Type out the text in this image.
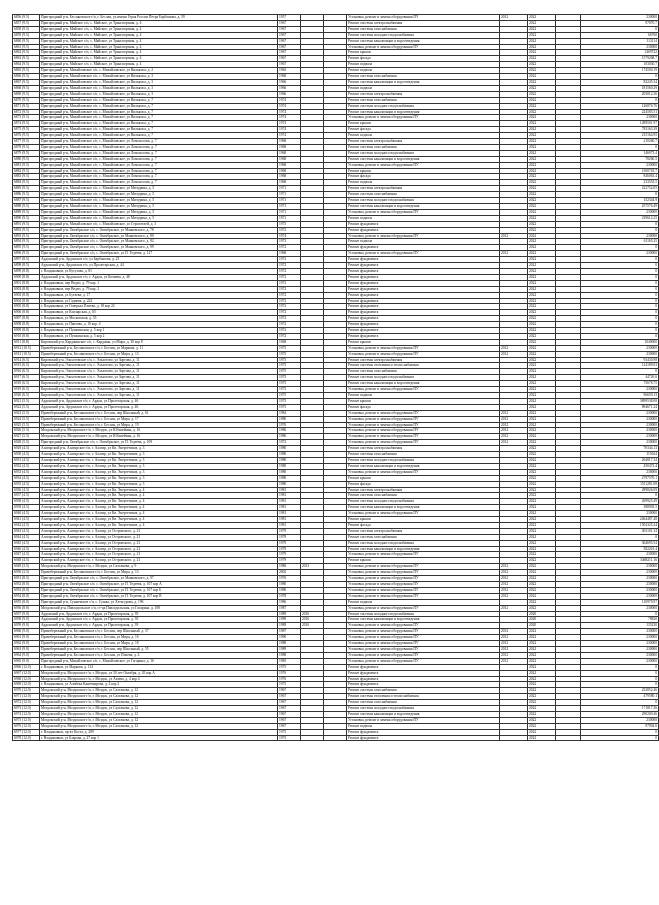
6856 (9.5)	Пригородный р-н, Беслановское г/п, г. Беслан, ул.имени Героя России Петра Барбашова, д. 59	1957			Установка, ремонт и замена оборудования ПУ	2012	2022		230000
6857 (9.5)	Пригородный р-н, Майское с/п, с. Майское, ул Транспортная, д. 4	1967			Ремонт системы электроснабжения		2022		97870.7
6858 (9.5)	Пригородный р-н, Майское с/п, с. Майское, ул Транспортная, д. 4	1967			Ремонт системы газоснабжения		2022		0
6859 (9.5)	Пригородный р-н, Майское с/п, с. Майское, ул Транспортная, д. 4	1967			Ремонт системы холодного водоснабжения		2022		66760
6860 (9.5)	Пригородный р-н, Майское с/п, с. Майское, ул Транспортная, д. 4	1967			Ремонт системы канализации и водоотведения		2022		113114
6861 (9.5)	Пригородный р-н, Майское с/п, с. Майское, ул Транспортная, д. 4	1967			Установка, ремонт и замена оборудования ПУ		2022		230000
6862 (9.5)	Пригородный р-н, Майское с/п, с. Майское, ул Транспортная, д. 4	1967			Ремонт крыши		2022		1469722
6863 (9.5)	Пригородный р-н, Майское с/п, с. Майское, ул Транспортная, д. 4	1967			Ремонт фасада		2022		1579268.7
6864 (9.5)	Пригородный р-н, Майское с/п, с. Майское, ул Транспортная, д. 4	1967			Ремонт подвала		2022		103030.7
6865 (9.5)	Пригородный р-н, Михайловское с/п, с. Михайловское, ул Вильямса, д. 2	1965			Ремонт подвала		2022		174500.19
6866 (9.5)	Пригородный р-н, Михайловское с/п, с. Михайловское, ул Вильямса, д. 3	1968			Ремонт системы газоснабжения		2022		0
6867 (9.5)	Пригородный р-н, Михайловское с/п, с. Михайловское, ул Вильямса, д. 3	1966			Ремонт системы канализации и водоотведения		2022		83245.34
6868 (9.5)	Пригородный р-н, Михайловское с/п, с. Михайловское, ул Вильямса, д. 3	1966			Ремонт подвала		2022		181560.29
6869 (9.5)	Пригородный р-н, Михайловское с/п, с. Михайловское, ул Вильямса, д. 3	1966			Ремонт системы электроснабжения		2022		203012.36
6870 (9.5)	Пригородный р-н, Михайловское с/п, с. Михайловское, ул Вильямса, д. 7	1974			Ремонт системы газоснабжения		2022		0
6871 (9.5)	Пригородный р-н, Михайловское с/п, с. Михайловское, ул Вильямса, д. 7	1974			Ремонт системы холодного водоснабжения		2022		126876.76
6872 (9.5)	Пригородный р-н, Михайловское с/п, с. Михайловское, ул Вильямса, д. 7	1974			Ремонт системы канализации и водоотведения		2022		224585.51
6873 (9.5)	Пригородный р-н, Михайловское с/п, с. Михайловское, ул Вильямса, д. 7	1974			Установка, ремонт и замена оборудования ПУ		2022		230000
6874 (9.5)	Пригородный р-н, Михайловское с/п, с. Михайловское, ул Вильямса, д. 7	1974			Ремонт крыши		2022		1289501.97
6875 (9.5)	Пригородный р-н, Михайловское с/п, с. Михайловское, ул Вильямса, д. 7	1974			Ремонт фасада		2022		781163.39
6876 (9.5)	Пригородный р-н, Михайловское с/п, с. Михайловское, ул Вильямса, д. 7	1974			Ремонт подвала		2022		215164.95
6877 (9.5)	Пригородный р-н, Михайловское с/п, с. Михайловское, ул Ломоносова, д. 7	1968			Ремонт системы электроснабжения		2022		210260.7
6878 (9.5)	Пригородный р-н, Михайловское с/п, с. Михайловское, ул Ломоносова, д. 7	1968			Ремонт системы газоснабжения		2022		0
6879 (9.5)	Пригородный р-н, Михайловское с/п, с. Михайловское, ул Ломоносова, д. 7	1968			Ремонт системы холодного водоснабжения		2022		146973.4
6880 (9.5)	Пригородный р-н, Михайловское с/п, с. Михайловское, ул Ломоносова, д. 7	1968			Ремонт системы канализации и водоотведения		2022		78260.5
6881 (9.5)	Пригородный р-н, Михайловское с/п, с. Михайловское, ул Ломоносова, д. 7	1968			Установка, ремонт и замена оборудования ПУ		2022		230000
6882 (9.5)	Пригородный р-н, Михайловское с/п, с. Михайловское, ул Ломоносова, д. 7	1968			Ремонт крыши		2022		1500718.7
6883 (9.5)	Пригородный р-н, Михайловское с/п, с. Михайловское, ул Ломоносова, д. 7	1968			Ремонт фасада		2022		846063.4
6884 (9.5)	Пригородный р-н, Михайловское с/п, с. Михайловское, ул Ломоносова, д. 7	1968			Ремонт подвала		2022		233553.5
6885 (9.5)	Пригородный р-н, Михайловское с/п, с. Михайловское, ул Мичурина, д. 5	1971			Ремонт системы электроснабжения		2022		222752.05
6886 (9.5)	Пригородный р-н, Михайловское с/п, с. Михайловское, ул Мичурина, д. 5	1971			Ремонт системы газоснабжения		2022		0
6887 (9.5)	Пригородный р-н, Михайловское с/п, с. Михайловское, ул Мичурина, д. 5	1971			Ремонт системы холодного водоснабжения		2022		152344.9
6888 (9.5)	Пригородный р-н, Михайловское с/п, с. Михайловское, ул Мичурина, д. 5	1971			Ремонт системы канализации и водоотведения		2022		257576.49
6889 (9.5)	Пригородный р-н, Михайловское с/п, с. Михайловское, ул Мичурина, д. 5	1971			Установка, ремонт и замена оборудования ПУ		2022		230000
6890 (9.5)	Пригородный р-н, Михайловское с/п, с. Михайловское, ул Мичурина, д. 5	1971			Ремонт подвала		2022		239612.25
6891 (9.5)	Пригородный р-н, Михайловское с/п, с. Михайловское, ул Строителей, д. 3	1975			Ремонт фундамента		2022		0
6892 (9.5)	Пригородный р-н, Октябрьское с/п, с. Октябрьское, ул Маяковского, д. 78	1972			Ремонт фундамента		2022		0
6893 (9.5)	Пригородный р-н, Октябрьское с/п, с. Октябрьское, ул Маяковского, д. 80	1974			Установка, ремонт и замена оборудования ПУ	2012	2022		230000
6894 (9.5)	Пригородный р-н, Октябрьское с/п, с. Октябрьское, ул Маяковского, д. 82	1973			Ремонт подвала		2022		61165.25
6895 (9.5)	Пригородный р-н, Октябрьское с/п, с. Октябрьское, ул Маяковского, д. 99	1972			Ремонт фундамента		2022		0
6896 (9.5)	Пригородный р-н, Октябрьское с/п, с. Октябрьское, ул П. Тедеева, д. 127	1968			Установка, ремонт и замена оборудования ПУ	2012	2022		230000
6897 (8.5)	Ардонский р-н, Ардонское г/п, ул Барбашова, д. 23	1972			Ремонт фундамента		2022		0
6898 (8.5)	Ардонский р-н, Ардонское г/п, ул Пролетарская, д. 44	1972			Ремонт фундамента		2022		0
6899 (8.8)	г. Владикавказ, ул Кутузова, д. 81	1972			Ремонт фундамента		2022		0
6900 (8.8)	Ардонский р-н, Ардонское г/п, г. Ардон, ул Кочиева, д. 48	1972			Ремонт фундамента		2022		0
6901 (8.8)	г. Владикавказ, пер Ведеп, д. 79 кор. 1	1972			Ремонт фундамента		2022		0
6902 (8.8)	г. Владикавказ, пер Ведеп, д. 79 кор. 2	1972			Ремонт фундамента		2022		0
6903 (8.8)	г. Владикавказ, ул Бутаева, д. 17	1972			Ремонт фундамента		2022		0
6904 (8.8)	г. Владикавказ, ул Гадиева, д. 222	1972			Ремонт фундамента		2022		0
6905 (8.8)	г. Владикавказ, ул Генерала Плиева, д. 18 кор 24	1972			Ремонт фундамента		2022		0
6906 (8.8)	г. Владикавказ, ул Кизлярская, д. 65	1972			Ремонт фундамента		2022		0
6907 (8.8)	г. Владикавказ, ул Московская, д. 35	1972			Ремонт фундамента		2022		0
6908 (8.8)	г. Владикавказ, ул Павлова, д. 16 кор. 4	1972			Ремонт фундамента		2022		0
6909 (8.8)	г. Владикавказ, ул Пушкинская, д. 5 кор 1	1972			Ремонт фундамента		2022		0
6910 (8.8)	г. Владикавказ, ул Пушкинская, д. 5 кор 2	1972			Ремонт фундамента		2022		0
6911 (8.8)	Кировский р-н, Карджинское с/п, с. Карджин, ул Мира, д. 30 кор 8	1968			Ремонт крыши		2022		1040000
6912 (10.5)	Правобережный р-н, Беслановское г/п, г. Беслан, ул Маркова, д. 11	1975			Установка, ремонт и замена оборудования ПУ	2012	2022		230000
6913 (10.5)	Правобережный р-н, Беслановское г/п, г. Беслан, ул Мира, д. 13	1975			Установка, ремонт и замена оборудования ПУ	2012	2022		230000
6914 (6.5)	Кировский р-н, Эльхотовское с/п, с. Эльхотово, ул Зортова, д. 11	1975			Ремонт системы электроснабжения		2022		93430.98
6915 (6.5)	Кировский р-н, Эльхотовское с/п, с. Эльхотово, ул Зортова, д. 11	1975			Ремонт системы отопления и теплоснабжения		2022		124189.03
6916 (6.5)	Кировский р-н, Эльхотовское с/п, с. Эльхотово, ул Зортова, д. 11	1975			Ремонт системы газоснабжения		2022		0
6917 (6.5)	Кировский р-н, Эльхотовское с/п, с. Эльхотово, ул Зортова, д. 11	1975			Ремонт системы холодного водоснабжения		2022		44726.6
6918 (6.5)	Кировский р-н, Эльхотовское с/п, с. Эльхотово, ул Зортова, д. 11	1975			Ремонт системы канализации и водоотведения		2022		75678.75
6919 (6.5)	Кировский р-н, Эльхотовское с/п, с. Эльхотово, ул Зортова, д. 11	1975			Установка, ремонт и замена оборудования ПУ		2022		230000
6920 (6.5)	Кировский р-н, Эльхотовское с/п, с. Эльхотово, ул Зортова, д. 11	1975			Ремонт подвала		2022		96659.13
6921 (5.5)	Ардонский р-н, Ардонское г/п, г. Ардон, ул Пролетарская, д. 46	1975			Ремонт крыши		2022		3899538.08
6922 (5.5)	Ардонский р-н, Ардонское г/п, г. Ардон, ул Пролетарская, д. 46	1975			Ремонт фасада		2022		894671.24
6923 (5.5)	Правобережный р-н, Беслановское г/п, г. Беслан, пер Школьный, д. 61	1984			Установка, ремонт и замена оборудования ПУ	2012	2022		230000
6924 (5.5)	Правобережный р-н, Беслановское г/п, г. Беслан, ул Мира, д. 17	1980			Установка, ремонт и замена оборудования ПУ	2012	2022		230000
6925 (5.5)	Правобережный р-н, Беслановское г/п, г. Беслан, ул Мира, д. 19	1976			Установка, ремонт и замена оборудования ПУ	2012	2022		230000
6926 (5.5)	Моздокский р-н, Моздокское г/п, г. Моздок, ул Юбилейная, д. 16	1986			Установка, ремонт и замена оборудования ПУ	2012	2022		230000
6927 (5.5)	Моздокский р-н, Моздокское г/п, г. Моздок, ул Юбилейная, д. 16	1986			Установка, ремонт и замена оборудования ПУ	2012	2022		230000
6928 (5.5)	Пригородный р-н, Октябрьское с/п, с. Октябрьское, ул П. Тедеева, д. 109	1972			Установка, ремонт и замена оборудования ПУ	2012	2022		230000
6929 (4.5)	Алагирский р-н, Алагирское г/п, г. Алагир, ул Кв. Энергетиков, д. 3	1980			Ремонт системы электроснабжения		2022		70344.13
6930 (4.5)	Алагирский р-н, Алагирское г/п, г. Алагир, ул Кв. Энергетиков, д. 3	1980			Ремонт системы газоснабжения		2022		115624
6931 (4.5)	Алагирский р-н, Алагирское г/п, г. Алагир, ул Кв. Энергетиков, д. 3	1980			Ремонт системы холодного водоснабжения		2022		264817.34
6932 (4.5)	Алагирский р-н, Алагирское г/п, г. Алагир, ул Кв. Энергетиков, д. 3	1980			Ремонт системы канализации и водоотведения		2022		450472.4
6933 (4.5)	Алагирский р-н, Алагирское г/п, г. Алагир, ул Кв. Энергетиков, д. 3	1980			Установка, ремонт и замена оборудования ПУ		2022		230000
6934 (4.5)	Алагирский р-н, Алагирское г/п, г. Алагир, ул Кв. Энергетиков, д. 3	1980			Ремонт крыши		2022		2797570.1
6935 (4.5)	Алагирский р-н, Алагирское г/п, г. Алагир, ул Кв. Энергетиков, д. 3	1980			Ремонт фасада		2022		1511281.08
6936 (4.5)	Алагирский р-н, Алагирское г/п, г. Алагир, ул Кв. Энергетиков, д. 4	1981			Ремонт системы электроснабжения		2022		289826.09
6937 (4.5)	Алагирский р-н, Алагирское г/п, г. Алагир, ул Кв. Энергетиков, д. 4	1981			Ремонт системы газоснабжения		2022		0
6938 (4.5)	Алагирский р-н, Алагирское г/п, г. Алагир, ул Кв. Энергетиков, д. 4	1981			Ремонт системы холодного водоснабжения		2022		269925.49
6939 (4.5)	Алагирский р-н, Алагирское г/п, г. Алагир, ул Кв. Энергетиков, д. 4	1981			Ремонт системы канализации и водоотведения		2022		388903.5
6940 (4.5)	Алагирский р-н, Алагирское г/п, г. Алагир, ул Кв. Энергетиков, д. 4	1981			Установка, ремонт и замена оборудования ПУ		2022		230000
6941 (4.5)	Алагирский р-н, Алагирское г/п, г. Алагир, ул Кв. Энергетиков, д. 4	1981			Ремонт крыши		2022		2464487.48
6942 (4.5)	Алагирский р-н, Алагирское г/п, г. Алагир, ул Кв. Энергетиков, д. 4	1981			Ремонт фасада		2022		1502325.24
6943 (4.5)	Алагирский р-н, Алагирское г/п, г. Алагир, ул Островского, д. 21	1979			Ремонт системы электроснабжения		2022		303101.34
6944 (4.5)	Алагирский р-н, Алагирское г/п, г. Алагир, ул Островского, д. 21	1979			Ремонт системы газоснабжения		2022		0
6945 (4.5)	Алагирский р-н, Алагирское г/п, г. Алагир, ул Островского, д. 21	1979			Ремонт системы холодного водоснабжения		2022		364695.54
6946 (4.5)	Алагирский р-н, Алагирское г/п, г. Алагир, ул Островского, д. 21	1979			Ремонт системы канализации и водоотведения		2022		582261.4
6947 (4.5)	Алагирский р-н, Алагирское г/п, г. Алагир, ул Островского, д. 21	1979			Установка, ремонт и замена оборудования ПУ		2022		230000
6948 (4.5)	Алагирский р-н, Алагирское г/п, г. Алагир, ул Островского, д. 21	1979			Ремонт крыши		2022		3468211.16
6949 (3.5)	Моздокский р-н, Моздокское г/п, г. Моздок, ул Салганова, д. 9	1986	2013		Установка, ремонт и замена оборудования ПУ	2012	2022		230000
6950 (3.5)	Правобережный р-н, Беслановское г/п, г. Беслан, ул Мира, д. 13	2002			Установка, ремонт и замена оборудования ПУ	2012	2022		230000
6951 (8.5)	Пригородный р-н, Октябрьское с/п, с. Октябрьское, ул Маяковского, д. 97	1976			Установка, ремонт и замена оборудования ПУ	2012	2022		230000
6952 (8.0)	Пригородный р-н, Октябрьское с/п, с. Октябрьское, ул П. Тедеева, д. 107 кор А	1980			Установка, ремонт и замена оборудования ПУ	2012	2022		230000
6953 (8.0)	Пригородный р-н, Октябрьское с/п, с. Октябрьское, ул П. Тедеева, д. 107 кор Б	1980			Установка, ремонт и замена оборудования ПУ	2012	2022		230000
6954 (8.0)	Пригородный р-н, Октябрьское с/п, с. Октябрьское, ул П. Тедеева, д. 107 кор В	1978			Установка, ремонт и замена оборудования ПУ	2012	2022		230000
6955 (8.0)	Пригородный р-н, Сунженское с/п, с. Сунжа, ул Хетагурова, д. 196	1986			Ремонт подвала		2022		110979.97
6956 (8.0)	Моздокский р-н, Павлодольское с/п, ст-ца Павлодольская, ул Гагарина, д. 108	1987			Установка, ремонт и замена оборудования ПУ	2012	2022		230000
6957 (9.0)	Ардонский р-н, Ардонское г/п, г. Ардон, ул Пролетарская, д. 39	1989	2016		Ремонт системы холодного водоснабжения		2020		0
6958 (9.0)	Ардонский р-н, Ардонское г/п, г. Ардон, ул Пролетарская, д. 39	1989	2016		Ремонт системы канализации и водоотведения		2020		78820
6959 (9.0)	Ардонский р-н, Ардонское г/п, г. Ардон, ул Пролетарская, д. 39	1989	2016		Установка, ремонт и замена оборудования ПУ		2020		135230
6960 (9.0)	Правобережный р-н, Беслановское г/п, г. Беслан, пер Школьный, д. 57	1987			Установка, ремонт и замена оборудования ПУ	2012	2022		230000
6961 (9.0)	Правобережный р-н, Беслановское г/п, г. Беслан, ул Мира, д. 16	1990			Установка, ремонт и замена оборудования ПУ	2012	2022		230000
6962 (9.0)	Правобережный р-н, Беслановское г/п, г. Беслан, ул Мира, д. 18	1988			Установка, ремонт и замена оборудования ПУ	2012	2022		230000
6963 (9.0)	Правобережный р-н, Беслановское г/п, г. Беслан, пер Школьный, д. 55	1989			Установка, ремонт и замена оборудования ПУ	2012	2022		230000
6964 (9.0)	Правобережный р-н, Беслановское г/п, г. Беслан, ул Плиева, д. 4	1988			Установка, ремонт и замена оборудования ПУ	2012	2022		230000
6965 (9.0)	Пригородный р-н, Михайловское с/п, с. Михайловское, ул Гагарина, д. 16	1985			Установка, ремонт и замена оборудования ПУ	2012	2022		230000
6966 (12.0)	г. Владикавказ, ул Маркова, д. 112	1975			Ремонт фундамента		2022		0
6967 (12.0)	Моздокский р-н, Моздокское г/п, г. Моздок, ул 50 лет Октября, д. 45 кор А	1976			Ремонт фундамента		2022		0
6968 (12.0)	Моздокский р-н, Моздокское г/п, г. Моздок, ул Азаева, д. 4 кор 4	1976			Ремонт фундамента		2022		0
6969 (12.0)	г. Владикавказ, ул Алибека Кантемирова, д. 4 кор 2	1975			Ремонт фундамента		2022		0
6970 (12.0)	Моздокский р-н, Моздокское г/п, г. Моздок, ул Салганова, д. 12	1967			Ремонт системы газоснабжения		2022		252852.46
6971 (12.0)	Моздокский р-н, Моздокское г/п, г. Моздок, ул Салганова, д. 12	1967			Ремонт системы отопления и теплоснабжения		2022		479580.1
6972 (12.0)	Моздокский р-н, Моздокское г/п, г. Моздок, ул Салганова, д. 12	1967			Ремонт системы газоснабжения		2022		0
6973 (12.0)	Моздокский р-н, Моздокское г/п, г. Моздок, ул Салганова, д. 12	1967			Ремонт системы холодного водоснабжения		2022		171817.36
6974 (12.0)	Моздокский р-н, Моздокское г/п, г. Моздок, ул Салганова, д. 12	1967			Ремонт системы канализации и водоотведения		2022		290200.46
6975 (12.0)	Моздокский р-н, Моздокское г/п, г. Моздок, ул Салганова, д. 12	1967			Установка, ремонт и замена оборудования ПУ		2022		230000
6976 (12.0)	Моздокский р-н, Моздокское г/п, г. Моздок, ул Салганова, д. 12	1967			Ремонт подвала		2022		97902.6
6977 (12.0)	г. Владикавказ, пр-кт Коста, д. 289	1975			Ремонт фундамента		2022		0
6978 (12.0)	г. Владикавказ, ул Бзарова, д. 27 кор 1	1975			Ремонт фундамента		2022		0
